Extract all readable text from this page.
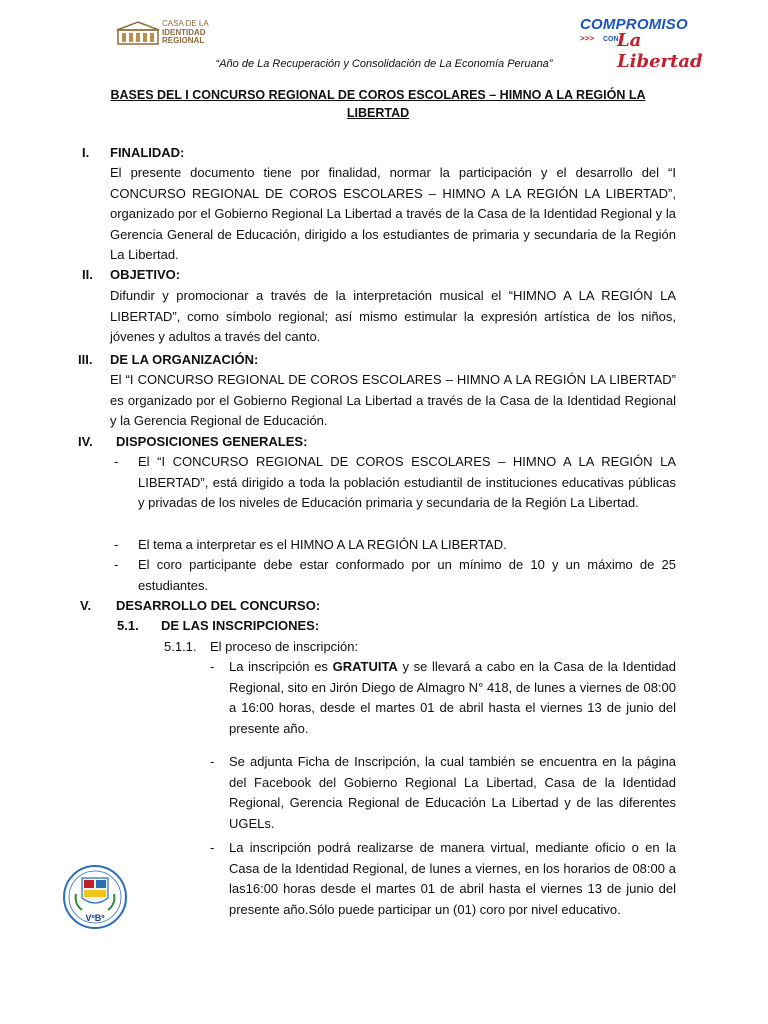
CASA DE LA
IDENTIDAD
REGIONAL
COMPROMISO
>>> CON
La Libertad
“Año de La Recuperación y Consolidación de La Economía Peruana”
BASES DEL I CONCURSO REGIONAL DE COROS ESCOLARES – HIMNO A LA REGIÓN LA
LIBERTAD
I. FINALIDAD:
El presente documento tiene por finalidad, normar la participación y el desarrollo del “I CONCURSO REGIONAL DE COROS ESCOLARES – HIMNO A LA REGIÓN LA LIBERTAD”, organizado por el Gobierno Regional La Libertad a través de la Casa de la Identidad Regional y la Gerencia General de Educación, dirigido a los estudiantes de primaria y secundaria de la Región La Libertad.
II. OBJETIVO:
Difundir y promocionar a través de la interpretación musical el “HIMNO A LA REGIÓN LA LIBERTAD”, como símbolo regional; así mismo estimular la expresión artística de los niños, jóvenes y adultos a través del canto.
III. DE LA ORGANIZACIÓN:
El “I CONCURSO REGIONAL DE COROS ESCOLARES – HIMNO A LA REGIÓN LA LIBERTAD” es organizado por el Gobierno Regional La Libertad a través de la Casa de la Identidad Regional y la Gerencia Regional de Educación.
IV. DISPOSICIONES GENERALES:
- El “I CONCURSO REGIONAL DE COROS ESCOLARES – HIMNO A LA REGIÓN LA LIBERTAD”, está dirigido a toda la población estudiantil de instituciones educativas públicas y privadas de los niveles de Educación primaria y secundaria de la Región La Libertad.
- El tema a interpretar es el HIMNO A LA REGIÓN LA LIBERTAD.
- El coro participante debe estar conformado por un mínimo de 10 y un máximo de 25 estudiantes.
V. DESARROLLO DEL CONCURSO:
5.1. DE LAS INSCRIPCIONES:
5.1.1. El proceso de inscripción:
- La inscripción es GRATUITA y se llevará a cabo en la Casa de la Identidad Regional, sito en Jirón Diego de Almagro N° 418, de lunes a viernes de 08:00 a 16:00 horas, desde el martes 01 de abril hasta el viernes 13 de junio del presente año.
- Se adjunta Ficha de Inscripción, la cual también se encuentra en la página del Facebook del Gobierno Regional La Libertad, Casa de la Identidad Regional, Gerencia Regional de Educación La Libertad y de las diferentes UGELs.
- La inscripción podrá realizarse de manera virtual, mediante oficio o en la Casa de la Identidad Regional, de lunes a viernes, en los horarios de 08:00 a las16:00 horas desde el martes 01 de abril hasta el viernes 13 de junio del presente año.Sólo puede participar un (01) coro por nivel educativo.
VºBº
